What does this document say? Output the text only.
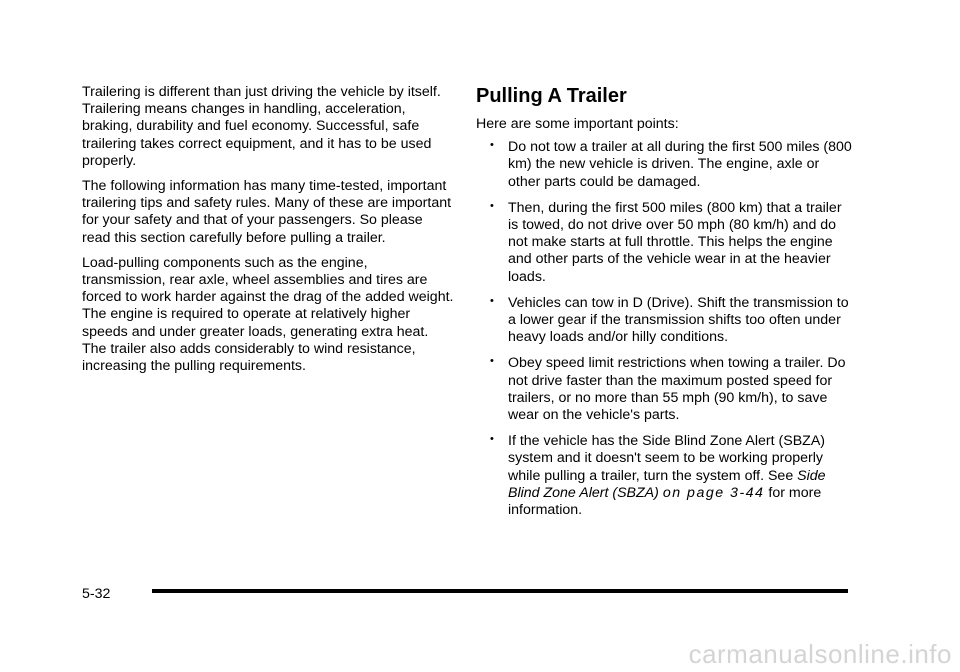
Trailering is different than just driving the vehicle by itself. Trailering means changes in handling, acceleration, braking, durability and fuel economy. Successful, safe trailering takes correct equipment, and it has to be used properly.

The following information has many time-tested, important trailering tips and safety rules. Many of these are important for your safety and that of your passengers. So please read this section carefully before pulling a trailer.

Load-pulling components such as the engine, transmission, rear axle, wheel assemblies and tires are forced to work harder against the drag of the added weight. The engine is required to operate at relatively higher speeds and under greater loads, generating extra heat. The trailer also adds considerably to wind resistance, increasing the pulling requirements.

Pulling A Trailer

Here are some important points:

• Do not tow a trailer at all during the first 500 miles (800 km) the new vehicle is driven. The engine, axle or other parts could be damaged.
• Then, during the first 500 miles (800 km) that a trailer is towed, do not drive over 50 mph (80 km/h) and do not make starts at full throttle. This helps the engine and other parts of the vehicle wear in at the heavier loads.
• Vehicles can tow in D (Drive). Shift the transmission to a lower gear if the transmission shifts too often under heavy loads and/or hilly conditions.
• Obey speed limit restrictions when towing a trailer. Do not drive faster than the maximum posted speed for trailers, or no more than 55 mph (90 km/h), to save wear on the vehicle's parts.
• If the vehicle has the Side Blind Zone Alert (SBZA) system and it doesn't seem to be working properly while pulling a trailer, turn the system off. See Side Blind Zone Alert (SBZA) on page 3‑44 for more information.
5-32
carmanualsonline.info
